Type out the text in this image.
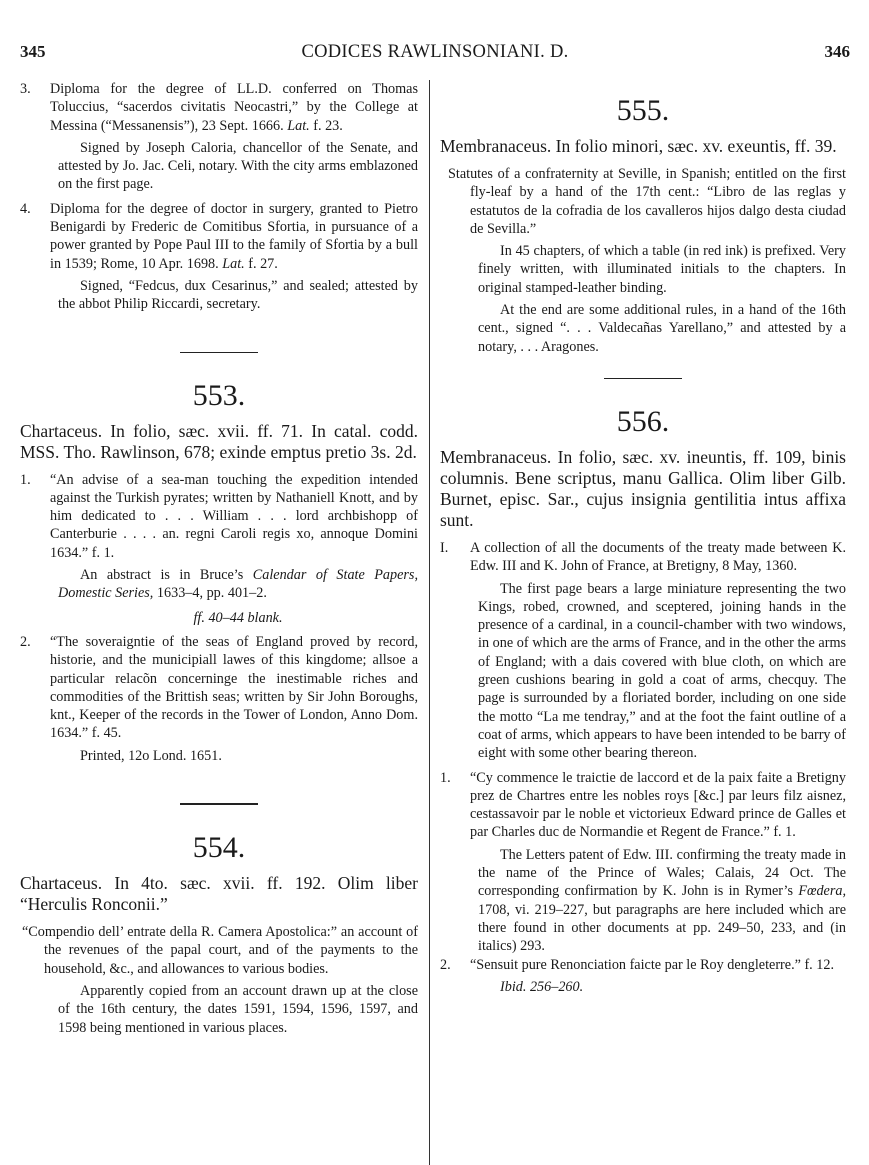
345	CODICES RAWLINSONIANI. D.	346
3.	Diploma for the degree of LL.D. conferred on Thomas Toluccius, “sacerdos civitatis Neocastri,” by the College at Messina (“Messanensis”), 23 Sept. 1666. Lat. f. 23.
Signed by Joseph Caloria, chancellor of the Senate, and attested by Jo. Jac. Celi, notary. With the city arms emblazoned on the first page.
4.	Diploma for the degree of doctor in surgery, granted to Pietro Benigardi by Frederic de Comitibus Sfortia, in pursuance of a power granted by Pope Paul III to the family of Sfortia by a bull in 1539; Rome, 10 Apr. 1698. Lat. f. 27.
Signed, “Fedcus, dux Cesarinus,” and sealed; attested by the abbot Philip Riccardi, secretary.
553.
Chartaceus. In folio, sæc. xvii. ff. 71. In catal. codd. MSS. Tho. Rawlinson, 678; exinde emptus pretio 3s. 2d.
1.	“An advise of a sea-man touching the expedition intended against the Turkish pyrates; written by Nathaniell Knott, and by him dedicated to . . . William . . . lord archbishopp of Canterburie . . . . an. regni Caroli regis xo, annoque Domini 1634.” f. 1.
An abstract is in Bruce’s Calendar of State Papers, Domestic Series, 1633–4, pp. 401–2.
ff. 40–44 blank.
2.	“The soveraigntie of the seas of England proved by record, historie, and the municipiall lawes of this kingdome; allsoe a particular relacõn concerninge the inestimable riches and commodities of the Brittish seas; written by Sir John Boroughs, knt., Keeper of the records in the Tower of London, Anno Dom. 1634.” f. 45.
Printed, 12o Lond. 1651.
554.
Chartaceus. In 4to. sæc. xvii. ff. 192. Olim liber “Herculis Ronconii.”
“Compendio dell’ entrate della R. Camera Apostolica:” an account of the revenues of the papal court, and of the payments to the household, &c., and allowances to various bodies.
Apparently copied from an account drawn up at the close of the 16th century, the dates 1591, 1594, 1596, 1597, and 1598 being mentioned in various places.
555.
Membranaceus. In folio minori, sæc. xv. exeuntis, ff. 39.
Statutes of a confraternity at Seville, in Spanish; entitled on the first fly-leaf by a hand of the 17th cent.: “Libro de las reglas y estatutos de la cofradia de los cavalleros hijos dalgo desta ciudad de Sevilla.”
In 45 chapters, of which a table (in red ink) is prefixed. Very finely written, with illuminated initials to the chapters. In original stamped-leather binding.
At the end are some additional rules, in a hand of the 16th cent., signed “. . . Valdecañas Yarellano,” and attested by a notary, . . . Aragones.
556.
Membranaceus. In folio, sæc. xv. ineuntis, ff. 109, binis columnis. Bene scriptus, manu Gallica. Olim liber Gilb. Burnet, episc. Sar., cujus insignia gentilitia intus affixa sunt.
I. A collection of all the documents of the treaty made between K. Edw. III and K. John of France, at Bretigny, 8 May, 1360.
The first page bears a large miniature representing the two Kings, robed, crowned, and sceptered, joining hands in the presence of a cardinal, in a council-chamber with two windows, in one of which are the arms of France, and in the other the arms of England; with a dais covered with blue cloth, on which are green cushions bearing in gold a coat of arms, checquy. The page is surrounded by a floriated border, including on one side the motto “La me tendray,” and at the foot the faint outline of a coat of arms, which appears to have been intended to be barry of eight with some other bearing thereon.
1.	“Cy commence le traictie de laccord et de la paix faite a Bretigny prez de Chartres entre les nobles roys [&c.] par leurs filz aisnez, cestassavoir par le noble et victorieux Edward prince de Galles et par Charles duc de Normandie et Regent de France.” f. 1.
The Letters patent of Edw. III. confirming the treaty made in the name of the Prince of Wales; Calais, 24 Oct. The corresponding confirmation by K. John is in Rymer’s Fœdera, 1708, vi. 219–227, but paragraphs are here included which are there found in other documents at pp. 249–50, 233, and (in italics) 293.
2.	“Sensuit pure Renonciation faicte par le Roy dengleterre.” f. 12.
Ibid. 256–260.
